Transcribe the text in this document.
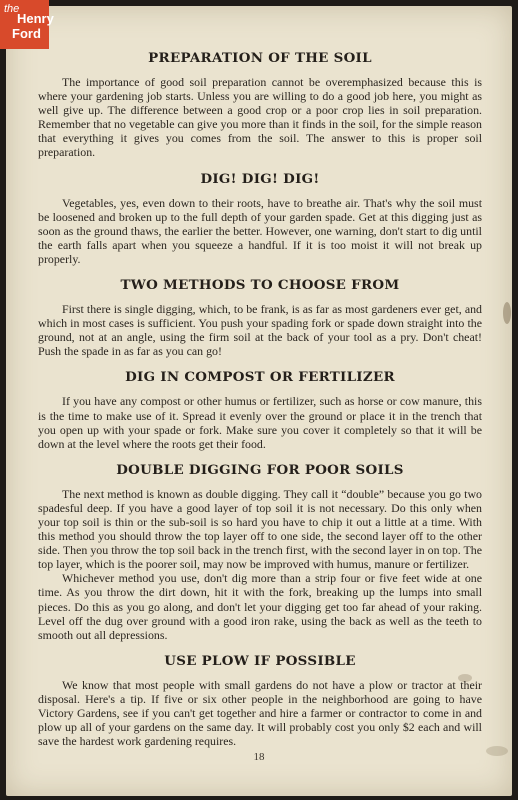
PREPARATION OF THE SOIL

The importance of good soil preparation cannot be overemphasized because this is where your gardening job starts. Unless you are willing to do a good job here, you might as well give up. The difference between a good crop or a poor crop lies in soil preparation. Remember that no vegetable can give you more than it finds in the soil, for the simple reason that everything it gives you comes from the soil. The answer to this is proper soil preparation.

DIG! DIG! DIG!

Vegetables, yes, even down to their roots, have to breathe air. That's why the soil must be loosened and broken up to the full depth of your garden spade. Get at this digging just as soon as the ground thaws, the earlier the better. However, one warning, don't start to dig until the earth falls apart when you squeeze a handful. If it is too moist it will not break up properly.

TWO METHODS TO CHOOSE FROM

First there is single digging, which, to be frank, is as far as most gardeners ever get, and which in most cases is sufficient. You push your spading fork or spade down straight into the ground, not at an angle, using the firm soil at the back of your tool as a pry. Don't cheat! Push the spade in as far as you can go!

DIG IN COMPOST OR FERTILIZER

If you have any compost or other humus or fertilizer, such as horse or cow manure, this is the time to make use of it. Spread it evenly over the ground or place it in the trench that you open up with your spade or fork. Make sure you cover it completely so that it will be down at the level where the roots get their food.

DOUBLE DIGGING FOR POOR SOILS

The next method is known as double digging. They call it “double” because you go two spadesful deep. If you have a good layer of top soil it is not necessary. Do this only when your top soil is thin or the sub-soil is so hard you have to chip it out a little at a time. With this method you should throw the top layer off to one side, the second layer off to the other side. Then you throw the top soil back in the trench first, with the second layer in on top. The top layer, which is the poorer soil, may now be improved with humus, manure or fertilizer.

Whichever method you use, don't dig more than a strip four or five feet wide at one time. As you throw the dirt down, hit it with the fork, breaking up the lumps into small pieces. Do this as you go along, and don't let your digging get too far ahead of your raking. Level off the dug over ground with a good iron rake, using the back as well as the teeth to smooth out all depressions.

USE PLOW IF POSSIBLE

We know that most people with small gardens do not have a plow or tractor at their disposal. Here's a tip. If five or six other people in the neighborhood are going to have Victory Gardens, see if you can't get together and hire a farmer or contractor to come in and plow up all of your gardens on the same day. It will probably cost you only $2 each and will save the hardest work gardening requires.

18
the
Henry
Ford
